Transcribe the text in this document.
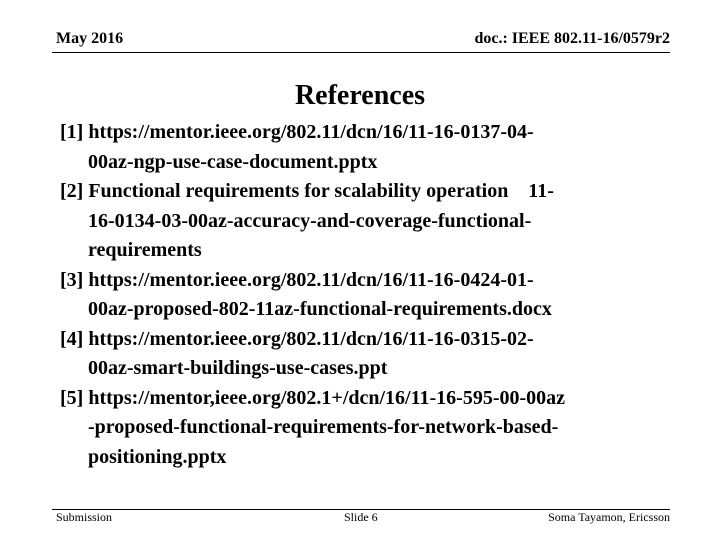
May 2016	doc.: IEEE 802.11-16/0579r2
References
[1] https://mentor.ieee.org/802.11/dcn/16/11-16-0137-04-
00az-ngp-use-case-document.pptx
[2] Functional requirements for scalability operation    11-
16-0134-03-00az-accuracy-and-coverage-functional-
requirements
[3] https://mentor.ieee.org/802.11/dcn/16/11-16-0424-01-
00az-proposed-802-11az-functional-requirements.docx
[4] https://mentor.ieee.org/802.11/dcn/16/11-16-0315-02-
00az-smart-buildings-use-cases.ppt
[5] https://mentor,ieee.org/802.1+/dcn/16/11-16-595-00-00az
-proposed-functional-requirements-for-network-based-
positioning.pptx
Submission	Slide 6	Soma Tayamon, Ericsson
